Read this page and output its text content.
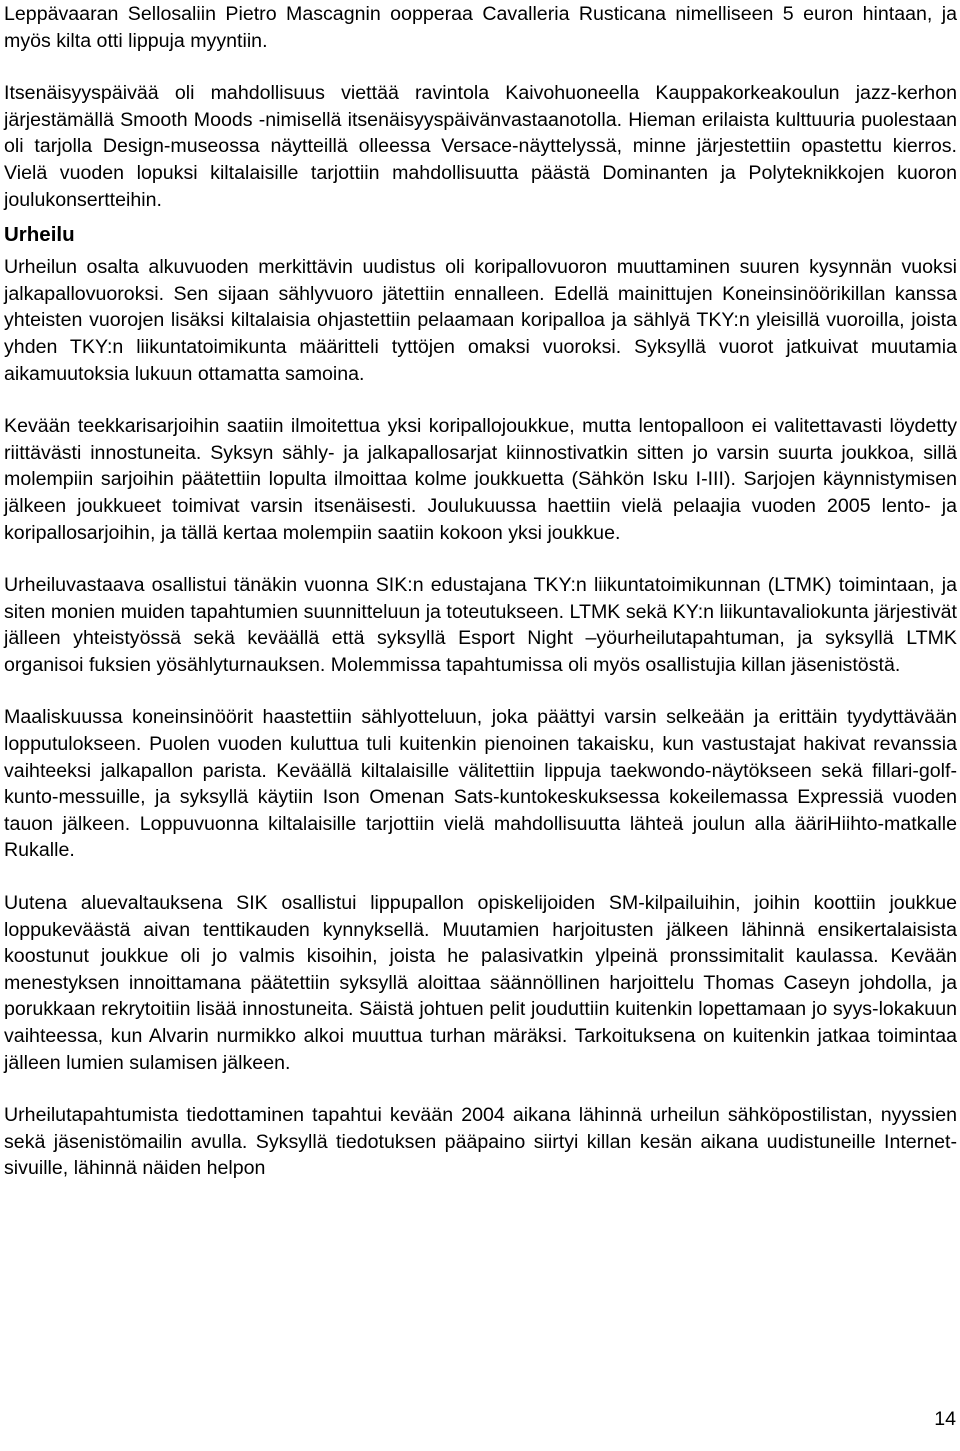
Leppävaaran Sellosaliin Pietro Mascagnin oopperaa Cavalleria Rusticana nimelliseen 5 euron hintaan, ja myös kilta otti lippuja myyntiin.

Itsenäisyyspäivää oli mahdollisuus viettää ravintola Kaivohuoneella Kauppakorkeakoulun jazz-kerhon järjestämällä Smooth Moods -nimisellä itsenäisyyspäivänvastaanotolla. Hieman erilaista kulttuuria puolestaan oli tarjolla Design-museossa näytteillä olleessa Versace-näyttelyssä, minne järjestettiin opastettu kierros. Vielä vuoden lopuksi kiltalaisille tarjottiin mahdollisuutta päästä Dominanten ja Polyteknikkojen kuoron joulukonsertteihin.

Urheilu

Urheilun osalta alkuvuoden merkittävin uudistus oli koripallovuoron muuttaminen suuren kysynnän vuoksi jalkapallovuoroksi. Sen sijaan sählyvuoro jätettiin ennalleen. Edellä mainittujen Koneinsinöörikillan kanssa yhteisten vuorojen lisäksi kiltalaisia ohjastettiin pelaamaan koripalloa ja sählyä TKY:n yleisillä vuoroilla, joista yhden TKY:n liikuntatoimikunta määritteli tyttöjen omaksi vuoroksi. Syksyllä vuorot jatkuivat muutamia aikamuutoksia lukuun ottamatta samoina.

Kevään teekkarisarjoihin saatiin ilmoitettua yksi koripallojoukkue, mutta lentopalloon ei valitettavasti löydetty riittävästi innostuneita. Syksyn sähly- ja jalkapallosarjat kiinnostivatkin sitten jo varsin suurta joukkoa, sillä molempiin sarjoihin päätettiin lopulta ilmoittaa kolme joukkuetta (Sähkön Isku I-III). Sarjojen käynnistymisen jälkeen joukkueet toimivat varsin itsenäisesti. Joulukuussa haettiin vielä pelaajia vuoden 2005 lento- ja koripallosarjoihin, ja tällä kertaa molempiin saatiin kokoon yksi joukkue.

Urheiluvastaava osallistui tänäkin vuonna SIK:n edustajana TKY:n liikuntatoimikunnan (LTMK) toimintaan, ja siten monien muiden tapahtumien suunnitteluun ja toteutukseen. LTMK sekä KY:n liikuntavaliokunta järjestivät jälleen yhteistyössä sekä keväällä että syksyllä Esport Night –yöurheilutapahtuman, ja syksyllä LTMK organisoi fuksien yösählyturnauksen. Molemmissa tapahtumissa oli myös osallistujia killan jäsenistöstä.

Maaliskuussa koneinsinöörit haastettiin sählyotteluun, joka päättyi varsin selkeään ja erittäin tyydyttävään lopputulokseen. Puolen vuoden kuluttua tuli kuitenkin pienoinen takaisku, kun vastustajat hakivat revanssia vaihteeksi jalkapallon parista. Keväällä kiltalaisille välitettiin lippuja taekwondo-näytökseen sekä fillari-golf-kunto-messuille, ja syksyllä käytiin Ison Omenan Sats-kuntokeskuksessa kokeilemassa Expressiä vuoden tauon jälkeen. Loppuvuonna kiltalaisille tarjottiin vielä mahdollisuutta lähteä joulun alla ääriHiihto-matkalle Rukalle.

Uutena aluevaltauksena SIK osallistui lippupallon opiskelijoiden SM-kilpailuihin, joihin koottiin joukkue loppukeväästä aivan tenttikauden kynnyksellä. Muutamien harjoitusten jälkeen lähinnä ensikertalaisista koostunut joukkue oli jo valmis kisoihin, joista he palasivatkin ylpeinä pronssimitalit kaulassa. Kevään menestyksen innoittamana päätettiin syksyllä aloittaa säännöllinen harjoittelu Thomas Caseyn johdolla, ja porukkaan rekrytoitiin lisää innostuneita. Säistä johtuen pelit jouduttiin kuitenkin lopettamaan jo syys-lokakuun vaihteessa, kun Alvarin nurmikko alkoi muuttua turhan märäksi. Tarkoituksena on kuitenkin jatkaa toimintaa jälleen lumien sulamisen jälkeen.

Urheilutapahtumista tiedottaminen tapahtui kevään 2004 aikana lähinnä urheilun sähköpostilistan, nyyssien sekä jäsenistömailin avulla. Syksyllä tiedotuksen pääpaino siirtyi killan kesän aikana uudistuneille Internet-sivuille, lähinnä näiden helpon

14
